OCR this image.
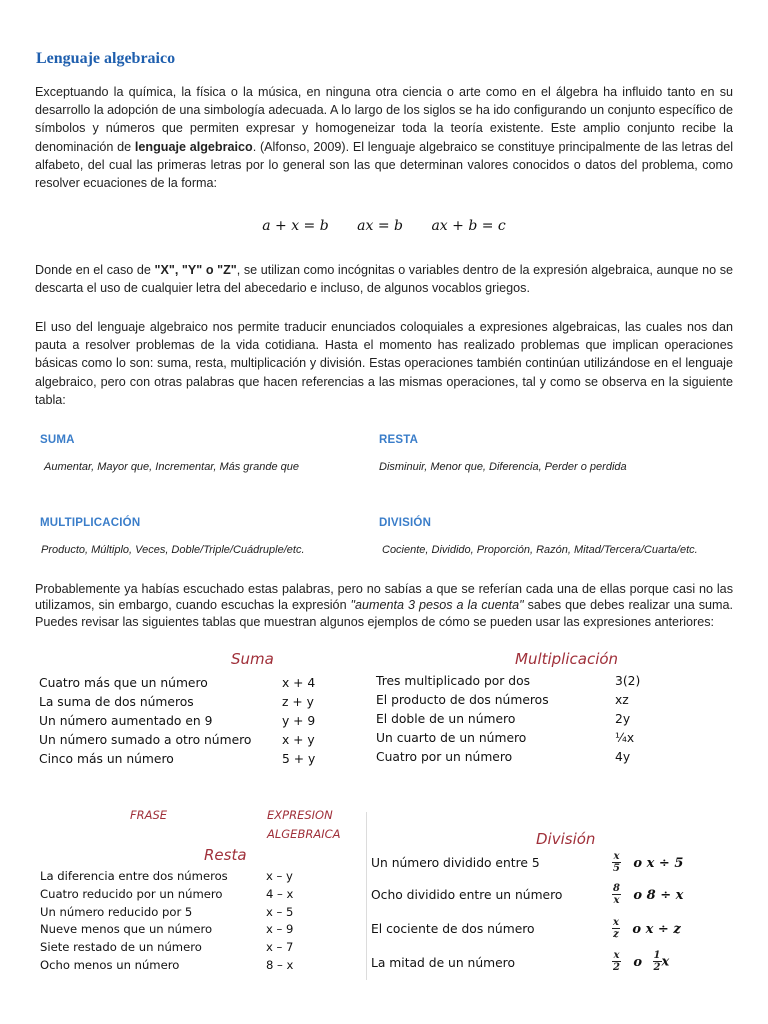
Lenguaje algebraico

Exceptuando la química, la física o la música, en ninguna otra ciencia o arte como en el álgebra ha influido tanto en su desarrollo la adopción de una simbología adecuada. A lo largo de los siglos se ha ido configurando un conjunto específico de símbolos y números que permiten expresar y homogeneizar toda la teoría existente. Este amplio conjunto recibe la denominación de lenguaje algebraico. (Alfonso, 2009). El lenguaje algebraico se constituye principalmente de las letras del alfabeto, del cual las primeras letras por lo general son las que determinan valores conocidos o datos del problema, como resolver ecuaciones de la forma:

a + x = b ax = b ax + b = c

Donde en el caso de "X", "Y" o "Z", se utilizan como incógnitas o variables dentro de la expresión algebraica, aunque no se descarta el uso de cualquier letra del abecedario e incluso, de algunos vocablos griegos.

El uso del lenguaje algebraico nos permite traducir enunciados coloquiales a expresiones algebraicas, las cuales nos dan pauta a resolver problemas de la vida cotidiana. Hasta el momento has realizado problemas que implican operaciones básicas como lo son: suma, resta, multiplicación y división. Estas operaciones también continúan utilizándose en el lenguaje algebraico, pero con otras palabras que hacen referencias a las mismas operaciones, tal y como se observa en la siguiente tabla:

SUMA
Aumentar, Mayor que, Incrementar, Más grande que
RESTA
Disminuir, Menor que, Diferencia, Perder o perdida
MULTIPLICACIÓN
Producto, Múltiplo, Veces, Doble/Triple/Cuádruple/etc.
DIVISIÓN
Cociente, Dividido, Proporción, Razón, Mitad/Tercera/Cuarta/etc.

Probablemente ya habías escuchado estas palabras, pero no sabías a que se referían cada una de ellas porque casi no las utilizamos, sin embargo, cuando escuchas la expresión "aumenta 3 pesos a la cuenta" sabes que debes realizar una suma. Puedes revisar las siguientes tablas que muestran algunos ejemplos de cómo se pueden usar las expresiones anteriores:

Suma
Cuatro más que un número	x + 4
La suma de dos números	z + y
Un número aumentado en 9	y + 9
Un número sumado a otro número x + y
Cinco más un número	5 + y
Multiplicación
Tres multiplicado por dos	3(2)
El producto de dos números	xz
El doble de un número	2y
Un cuarto de un número	¼x
Cuatro por un número	4y
FRASE	EXPRESION
ALGEBRAICA
Resta
La diferencia entre dos números	x – y
Cuatro reducido por un número	4 – x
Un número reducido por 5	x – 5
Nueve menos que un número	x – 9
Siete restado de un número	x – 7
Ocho menos un número	8 – x
División
Un número dividido entre 5	$\frac{x}{5}$ o x ÷ 5
Ocho dividido entre un número	$\frac{8}{x}$ o 8 ÷ x
El cociente de dos número	$\frac{x}{z}$ o x ÷ z
La mitad de un número	$\frac{x}{2}$ o $\frac{1}{2}$ x
